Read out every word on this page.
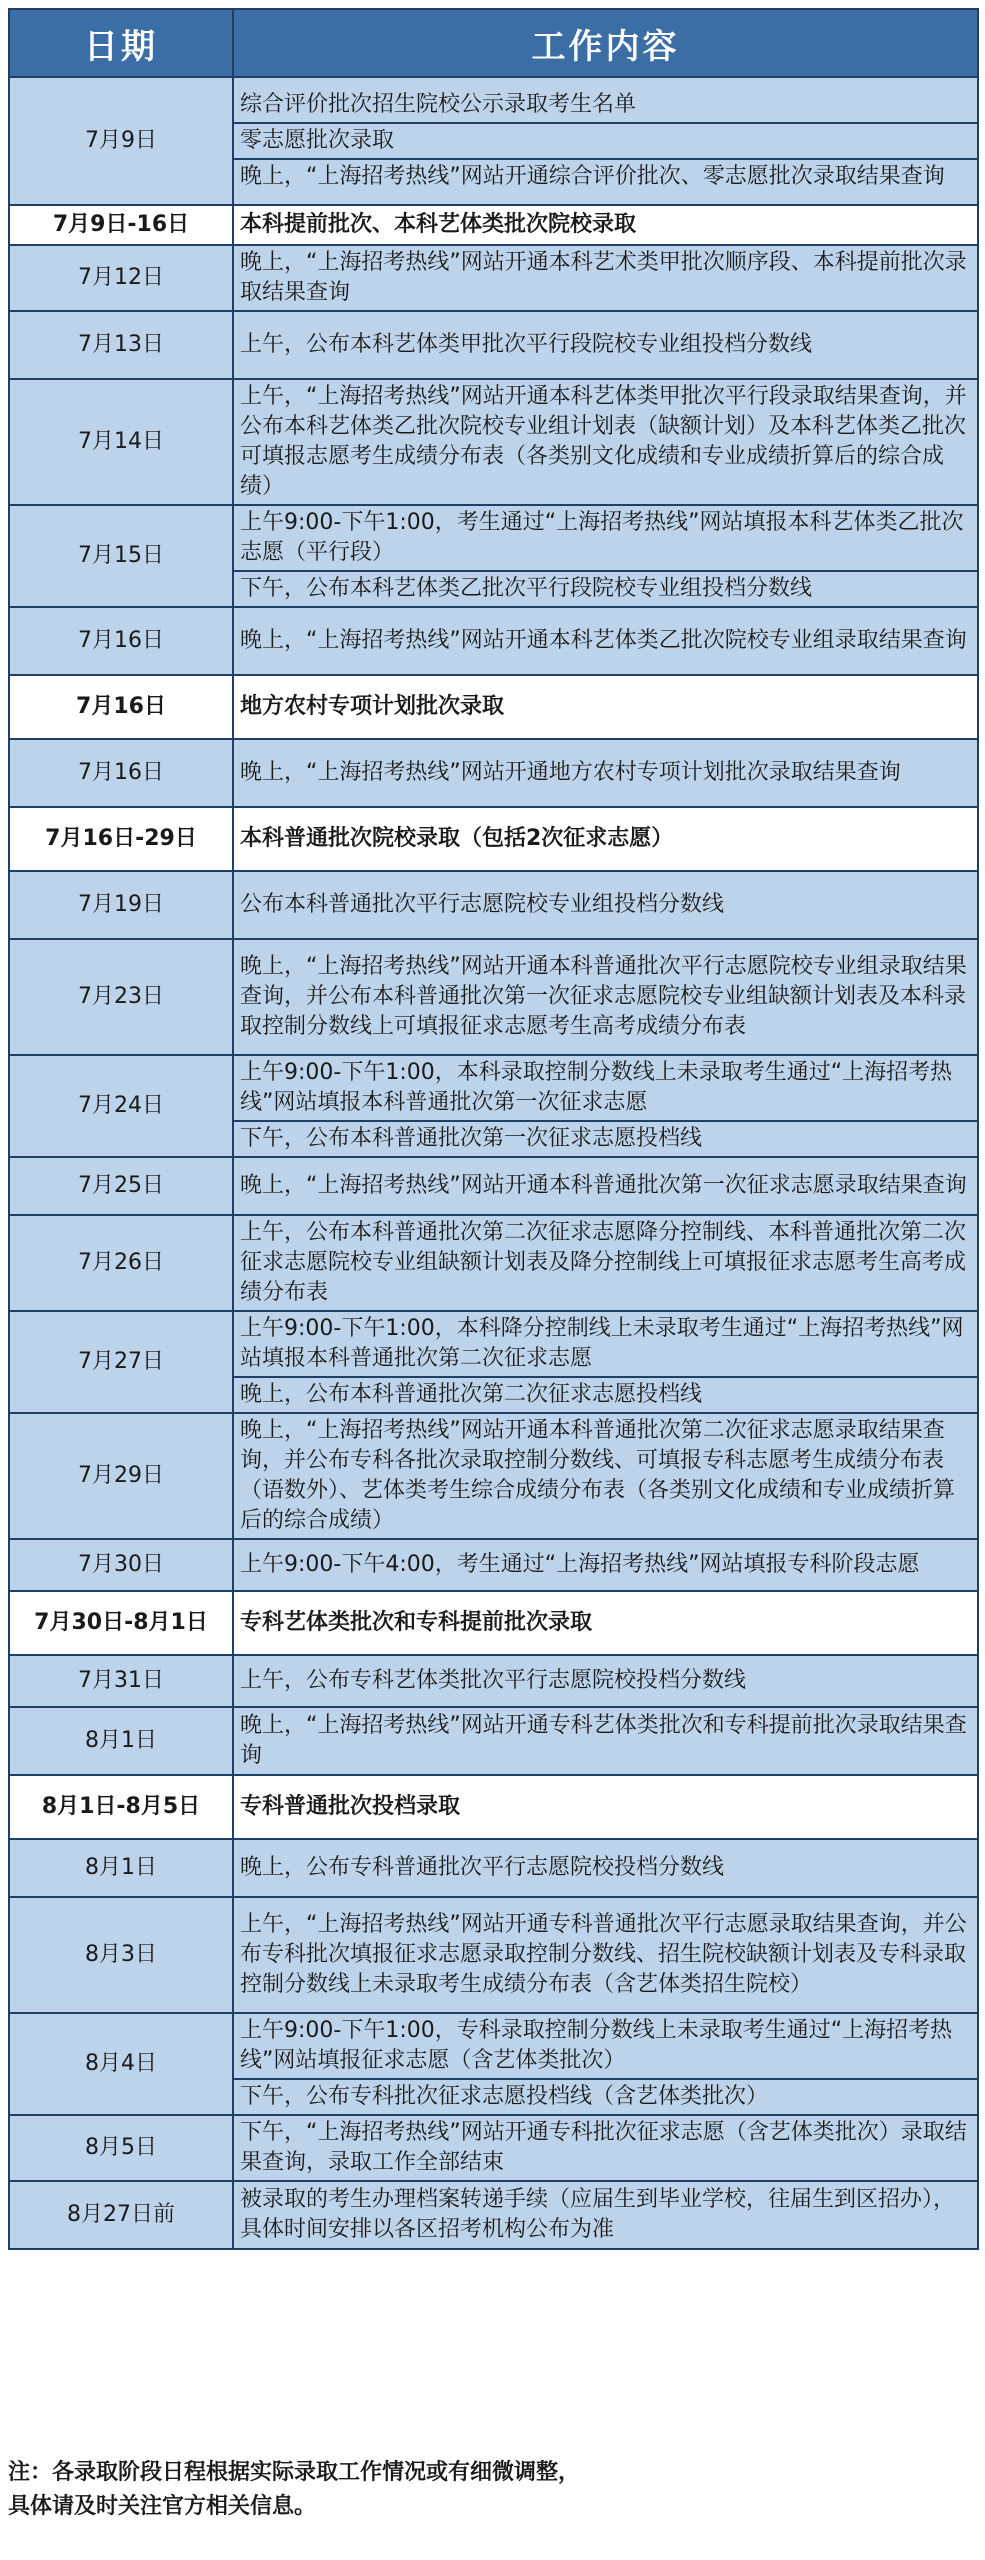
日期	工作内容
7月9日	综合评价批次招生院校公示录取考生名单
零志愿批次录取
晚上，“上海招考热线”网站开通综合评价批次、零志愿批次录取结果查询

7月9日-16日	本科提前批次、本科艺体类批次院校录取
7月12日	晚上，“上海招考热线”网站开通本科艺术类甲批次顺序段、本科提前批次录取结果查询
7月13日	上午，公布本科艺体类甲批次平行段院校专业组投档分数线
7月14日	上午，“上海招考热线”网站开通本科艺体类甲批次平行段录取结果查询，并公布本科艺体类乙批次院校专业组计划表（缺额计划）及本科艺体类乙批次可填报志愿考生成绩分布表（各类别文化成绩和专业成绩折算后的综合成绩）
7月15日	上午9:00-下午1:00，考生通过“上海招考热线”网站填报本科艺体类乙批次志愿（平行段）
下午，公布本科艺体类乙批次平行段院校专业组投档分数线

7月16日	晚上，“上海招考热线”网站开通本科艺体类乙批次院校专业组录取结果查询
7月16日	地方农村专项计划批次录取
7月16日	晚上，“上海招考热线”网站开通地方农村专项计划批次录取结果查询
7月16日-29日	本科普通批次院校录取（包括2次征求志愿）
7月19日	公布本科普通批次平行志愿院校专业组投档分数线
7月23日	晚上，“上海招考热线”网站开通本科普通批次平行志愿院校专业组录取结果查询，并公布本科普通批次第一次征求志愿院校专业组缺额计划表及本科录取控制分数线上可填报征求志愿考生高考成绩分布表
7月24日	上午9:00-下午1:00，本科录取控制分数线上未录取考生通过“上海招考热线”网站填报本科普通批次第一次征求志愿
下午，公布本科普通批次第一次征求志愿投档线

7月25日	晚上，“上海招考热线”网站开通本科普通批次第一次征求志愿录取结果查询
7月26日	上午，公布本科普通批次第二次征求志愿降分控制线、本科普通批次第二次征求志愿院校专业组缺额计划表及降分控制线上可填报征求志愿考生高考成绩分布表
7月27日	上午9:00-下午1:00，本科降分控制线上未录取考生通过“上海招考热线”网站填报本科普通批次第二次征求志愿
晚上，公布本科普通批次第二次征求志愿投档线

7月29日	晚上，“上海招考热线”网站开通本科普通批次第二次征求志愿录取结果查询，并公布专科各批次录取控制分数线、可填报专科志愿考生成绩分布表（语数外）、艺体类考生综合成绩分布表（各类别文化成绩和专业成绩折算后的综合成绩）
7月30日	上午9:00-下午4:00，考生通过“上海招考热线”网站填报专科阶段志愿
7月30日-8月1日	专科艺体类批次和专科提前批次录取
7月31日	上午，公布专科艺体类批次平行志愿院校投档分数线
8月1日	晚上，“上海招考热线”网站开通专科艺体类批次和专科提前批次录取结果查询
8月1日-8月5日	专科普通批次投档录取
8月1日	晚上，公布专科普通批次平行志愿院校投档分数线
8月3日	上午，“上海招考热线”网站开通专科普通批次平行志愿录取结果查询，并公布专科批次填报征求志愿录取控制分数线、招生院校缺额计划表及专科录取控制分数线上未录取考生成绩分布表（含艺体类招生院校）
8月4日	上午9:00-下午1:00，专科录取控制分数线上未录取考生通过“上海招考热线”网站填报征求志愿（含艺体类批次）
下午，公布专科批次征求志愿投档线（含艺体类批次）

8月5日	下午，“上海招考热线”网站开通专科批次征求志愿（含艺体类批次）录取结果查询，录取工作全部结束
8月27日前	被录取的考生办理档案转递手续（应届生到毕业学校，往届生到区招办），具体时间安排以各区招考机构公布为准
注：各录取阶段日程根据实际录取工作情况或有细微调整，
具体请及时关注官方相关信息。
